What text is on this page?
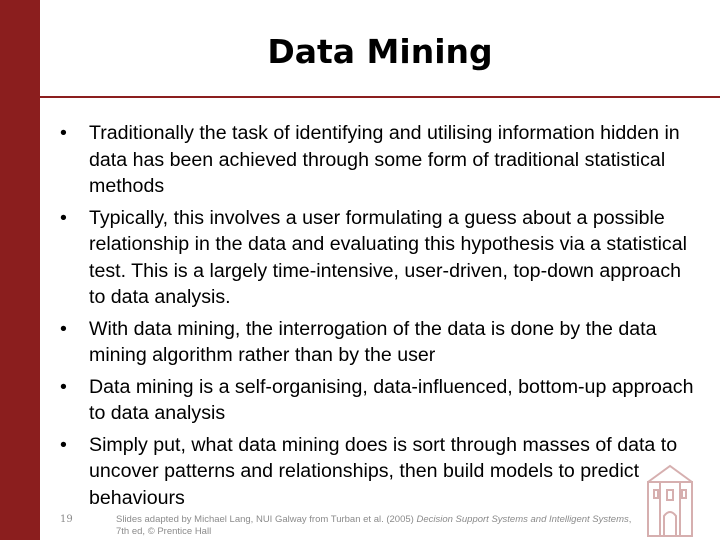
Data Mining
•	Traditionally the task of identifying and utilising information hidden in data has been achieved through some form of traditional statistical methods
•	Typically, this involves a user formulating a guess about a possible relationship in the data and evaluating this hypothesis via a statistical test. This is a largely time-intensive, user-driven, top-down approach to data analysis.
•	With data mining, the interrogation of the data is done by the data mining algorithm rather than by the user
•	Data mining is a self-organising, data-influenced, bottom-up approach to data analysis
•	Simply put, what data mining does is sort through masses of data to uncover patterns and relationships, then build models to predict behaviours
19	Slides adapted by Michael Lang, NUI Galway from Turban et al. (2005) Decision Support Systems and Intelligent Systems, 7th ed, © Prentice Hall
